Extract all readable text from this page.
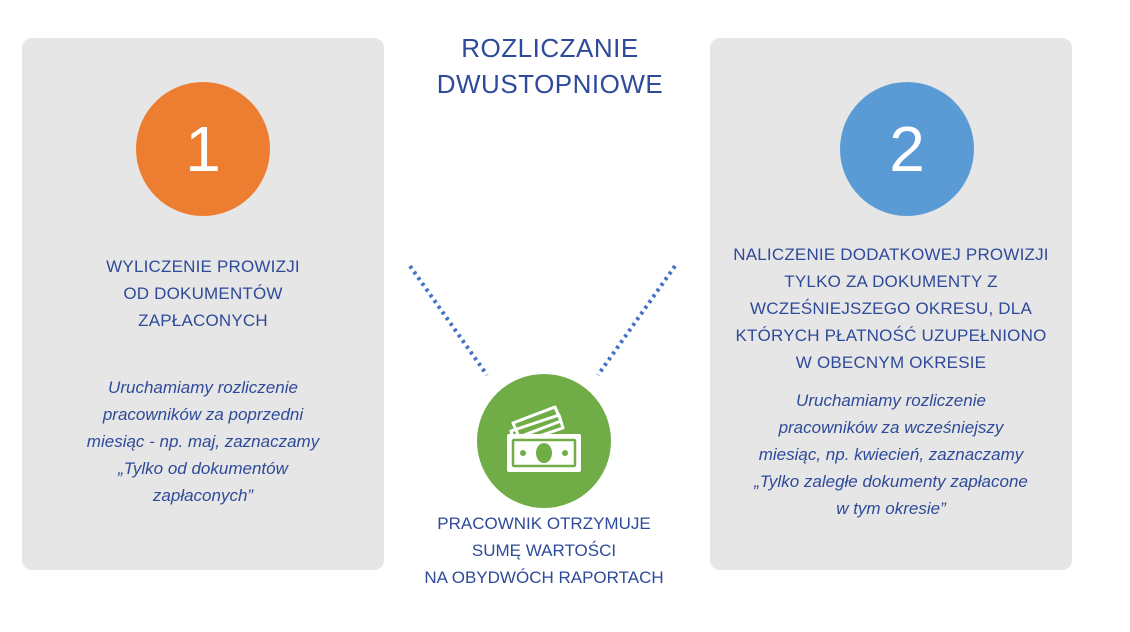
ROZLICZANIE
DWUSTOPNIOWE
1
WYLICZENIE PROWIZJI
OD DOKUMENTÓW
ZAPŁACONYCH
Uruchamiamy rozliczenie
pracowników za poprzedni
miesiąc - np. maj, zaznaczamy
„Tylko od dokumentów
zapłaconych”
2
NALICZENIE DODATKOWEJ PROWIZJI
TYLKO ZA DOKUMENTY Z
WCZEŚNIEJSZEGO OKRESU, DLA
KTÓRYCH PŁATNOŚĆ UZUPEŁNIONO
W OBECNYM OKRESIE
Uruchamiamy rozliczenie
pracowników za wcześniejszy
miesiąc, np. kwiecień, zaznaczamy
„Tylko zaległe dokumenty zapłacone
w tym okresie”
PRACOWNIK OTRZYMUJE
SUMĘ WARTOŚCI
NA OBYDWÓCH RAPORTACH
